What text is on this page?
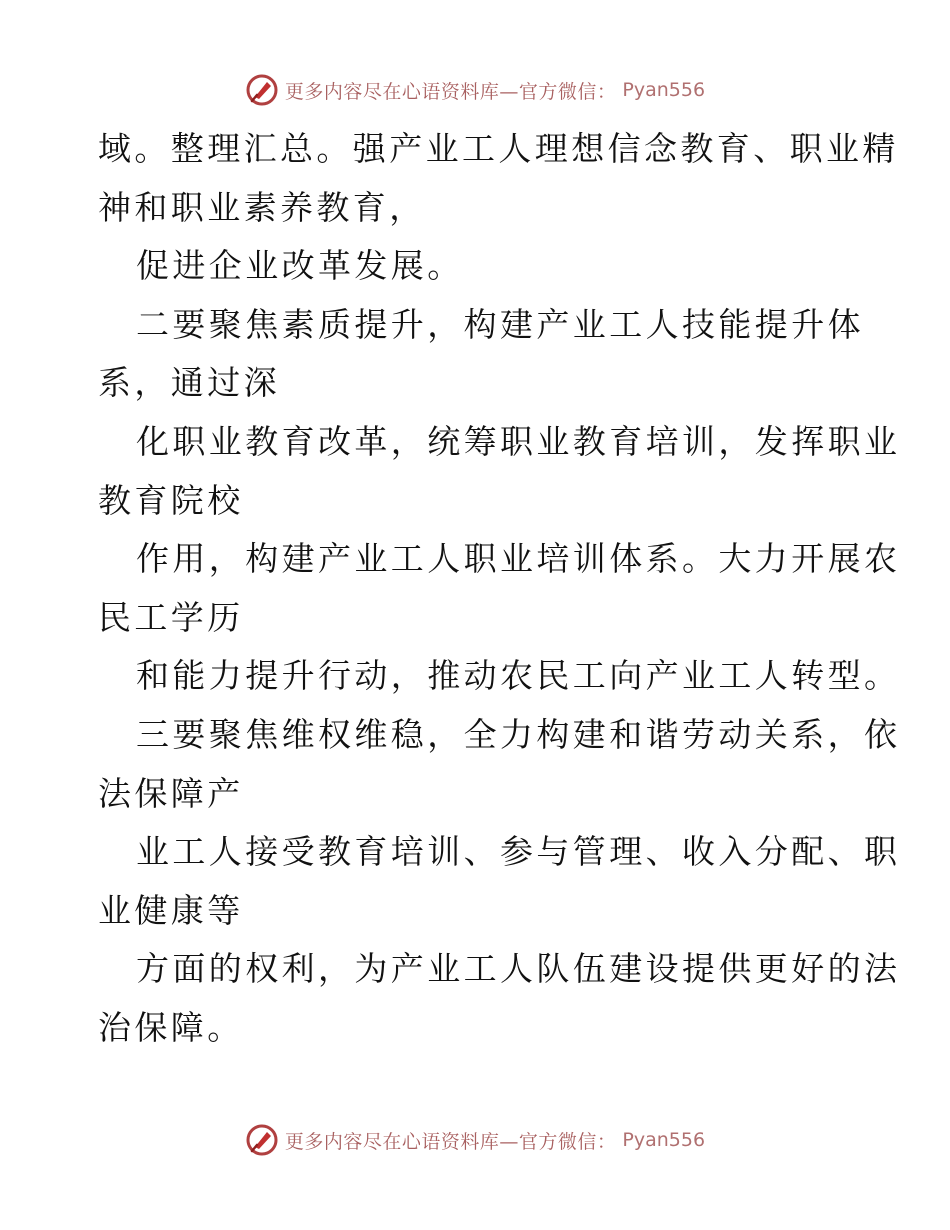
更多内容尽在心语资料库—官方微信： Pyan556
域。整理汇总。强产业工人理想信念教育、职业精
神和职业素养教育，
促进企业改革发展。
二要聚焦素质提升，构建产业工人技能提升体
系，通过深
化职业教育改革，统筹职业教育培训，发挥职业
教育院校
作用，构建产业工人职业培训体系。大力开展农
民工学历
和能力提升行动，推动农民工向产业工人转型。
三要聚焦维权维稳，全力构建和谐劳动关系，依
法保障产
业工人接受教育培训、参与管理、收入分配、职
业健康等
方面的权利，为产业工人队伍建设提供更好的法
治保障。
更多内容尽在心语资料库—官方微信： Pyan556
